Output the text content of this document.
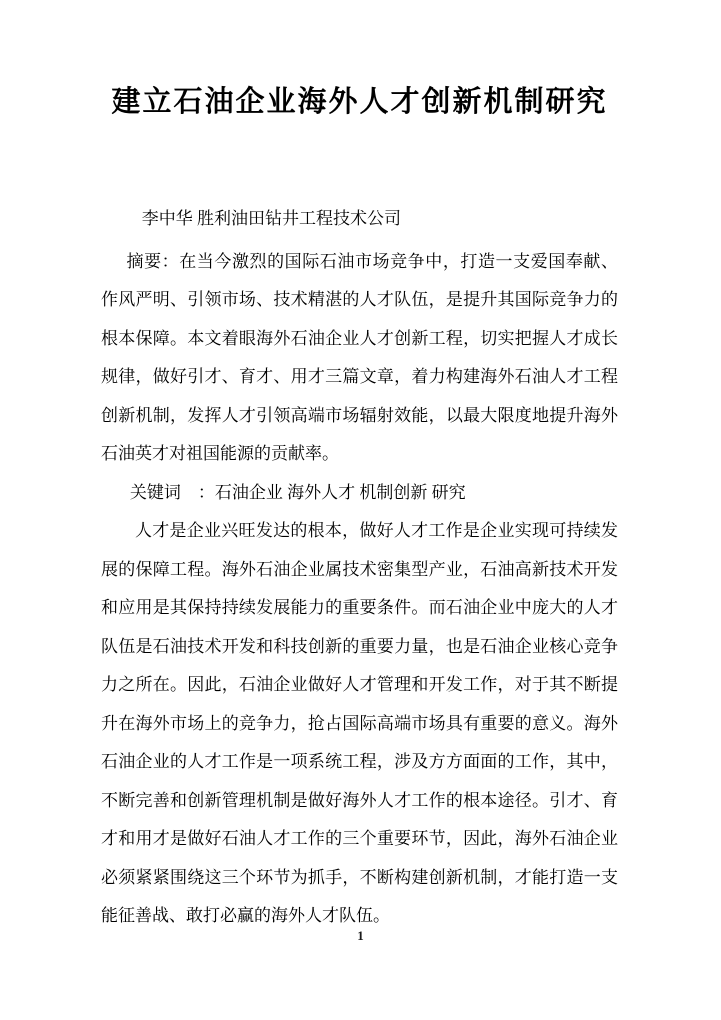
建立石油企业海外人才创新机制研究

李中华 胜利油田钻井工程技术公司

摘要：在当今激烈的国际石油市场竞争中，打造一支爱国奉献、作风严明、引领市场、技术精湛的人才队伍，是提升其国际竞争力的根本保障。本文着眼海外石油企业人才创新工程，切实把握人才成长规律，做好引才、育才、用才三篇文章，着力构建海外石油人才工程创新机制，发挥人才引领高端市场辐射效能，以最大限度地提升海外石油英才对祖国能源的贡献率。

关键词　：石油企业 海外人才 机制创新 研究

人才是企业兴旺发达的根本，做好人才工作是企业实现可持续发展的保障工程。海外石油企业属技术密集型产业，石油高新技术开发和应用是其保持持续发展能力的重要条件。而石油企业中庞大的人才队伍是石油技术开发和科技创新的重要力量，也是石油企业核心竞争力之所在。因此，石油企业做好人才管理和开发工作，对于其不断提升在海外市场上的竞争力，抢占国际高端市场具有重要的意义。海外石油企业的人才工作是一项系统工程，涉及方方面面的工作，其中，不断完善和创新管理机制是做好海外人才工作的根本途径。引才、育才和用才是做好石油人才工作的三个重要环节，因此，海外石油企业必须紧紧围绕这三个环节为抓手，不断构建创新机制，才能打造一支能征善战、敢打必赢的海外人才队伍。

1
